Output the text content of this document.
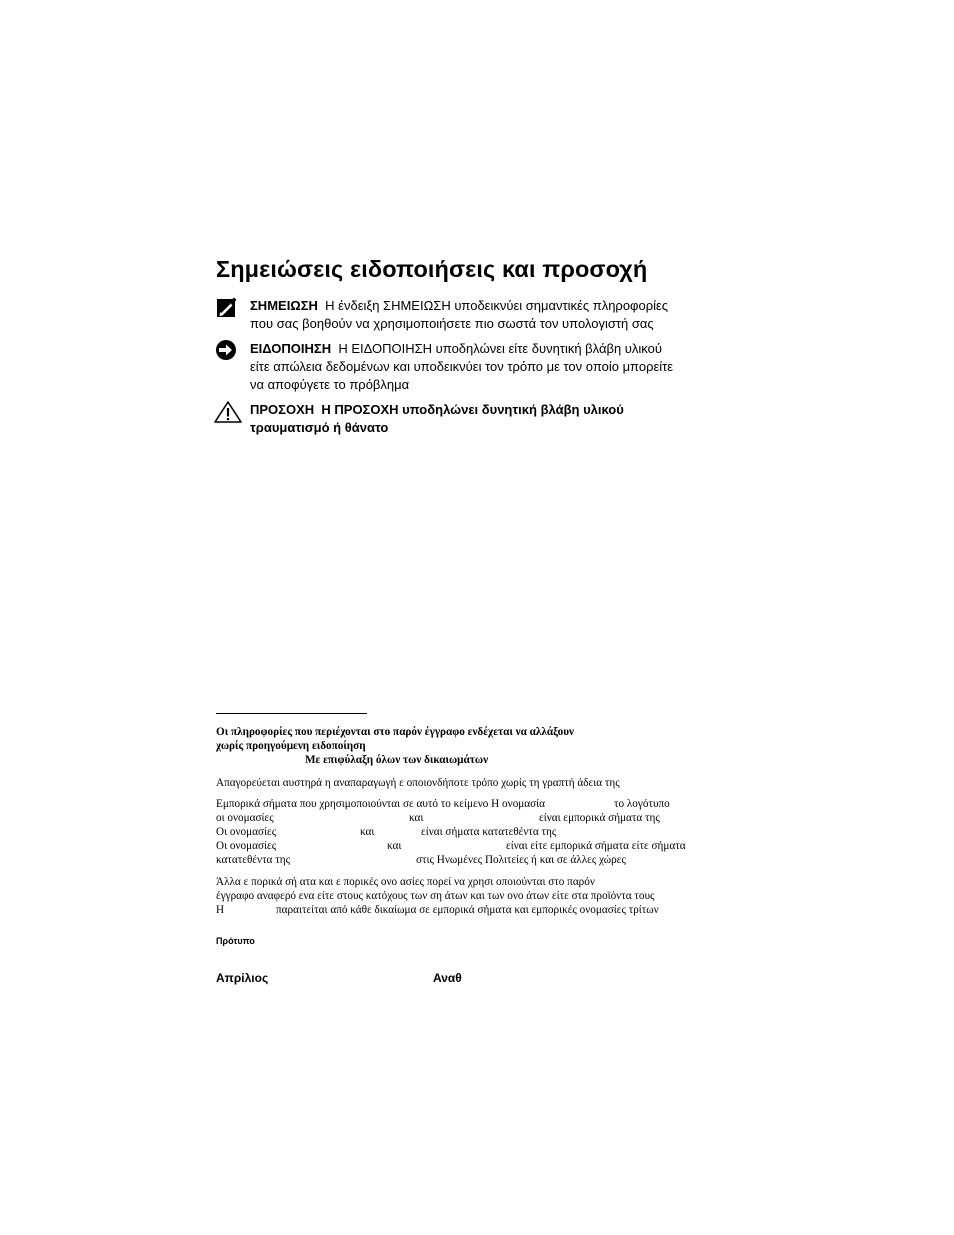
Σημειώσεις ειδοποιήσεις και προσοχή
ΣΗΜΕΙΩΣΗ Η ένδειξη ΣΗΜΕΙΩΣΗ υποδεικνύει σημαντικές πληροφορίες
που σας βοηθούν να χρησιμοποιήσετε πιο σωστά τον υπολογιστή σας
ΕΙΔΟΠΟΙΗΣΗ Η ΕΙΔΟΠΟΙΗΣΗ υποδηλώνει είτε δυνητική βλάβη υλικού
είτε απώλεια δεδομένων και υποδεικνύει τον τρόπο με τον οποίο μπορείτε
να αποφύγετε το πρόβλημα
ΠΡΟΣΟΧΗ Η ΠΡΟΣΟΧΗ υποδηλώνει δυνητική βλάβη υλικού
τραυματισμό ή θάνατο
Οι πληροφορίες που περιέχονται στο παρόν έγγραφο ενδέχεται να αλλάξουν
χωρίς προηγούμενη ειδοποίηση
Με επιφύλαξη όλων των δικαιωμάτων
Απαγορεύεται αυστηρά η αναπαραγωγή ε οποιονδήποτε τρόπο χωρίς τη γραπτή άδεια της
Εμπορικά σήματα που χρησιμοποιούνται σε αυτό το κείμενο Η ονομασία	το λογότυπο
οι ονομασίες	και	είναι εμπορικά σήματα της
Οι ονομασίες	και	είναι σήματα κατατεθέντα της
Οι ονομασίες	και	είναι είτε εμπορικά σήματα είτε σήματα
κατατεθέντα της	στις Ηνωμένες Πολιτείες ή και σε άλλες χώρες
Άλλα ε πορικά σή ατα και ε πορικές ονο ασίες πορεί να χρησι οποιούνται στο παρόν
έγγραφο αναφερό ενα είτε στους κατόχους των ση άτων και των ονο άτων είτε στα προϊόντα τους
Η	παραιτείται από κάθε δικαίωμα σε εμπορικά σήματα και εμπορικές ονομασίες τρίτων
Πρότυπο
Απρίλιος	Αναθ
